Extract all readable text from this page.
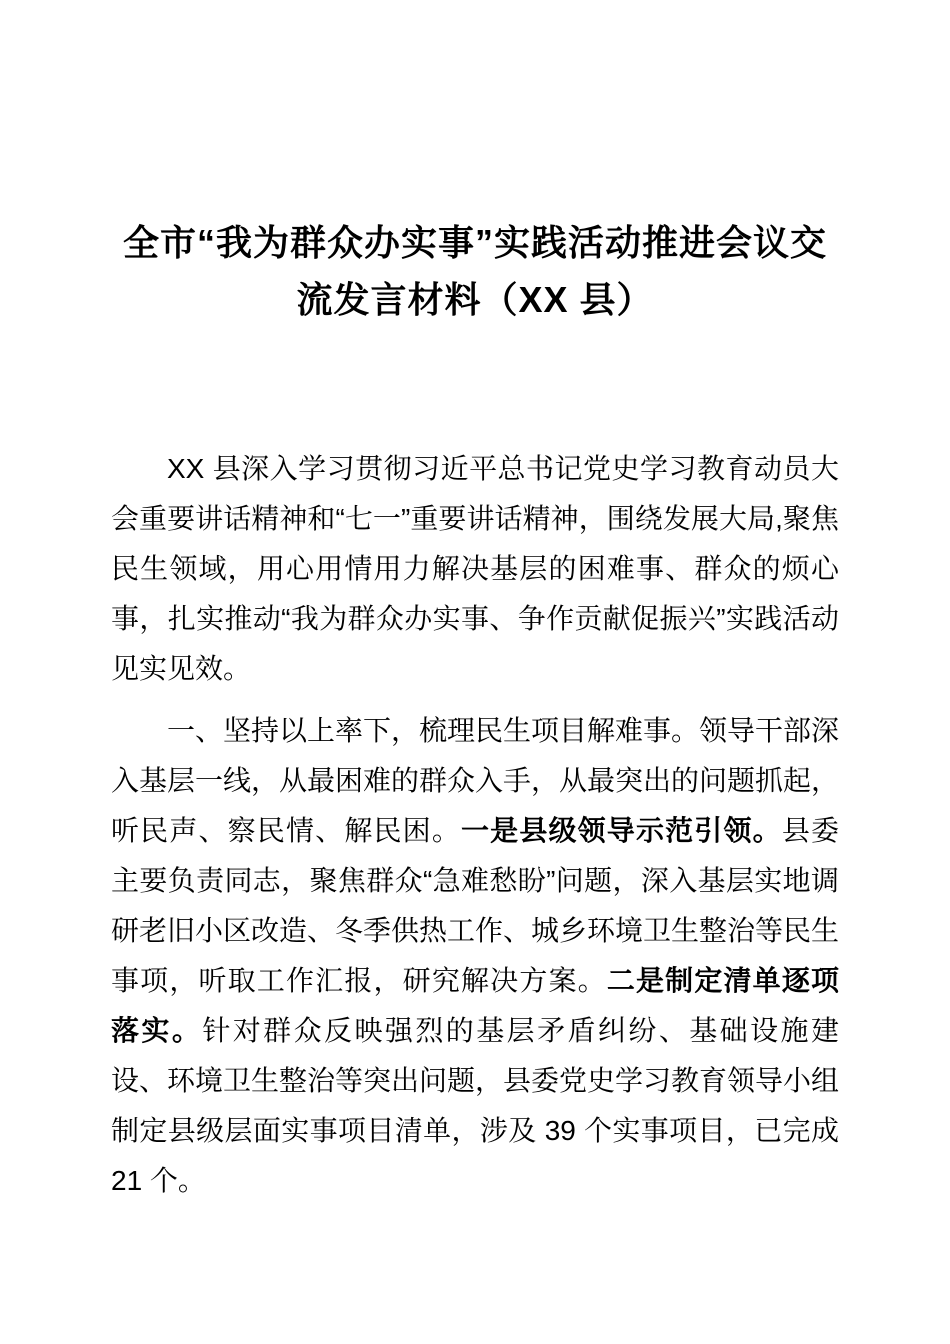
全市“我为群众办实事”实践活动推进会议交流发言材料（XX 县）

XX 县深入学习贯彻习近平总书记党史学习教育动员大会重要讲话精神和“七一”重要讲话精神，围绕发展大局,聚焦民生领域，用心用情用力解决基层的困难事、群众的烦心事，扎实推动“我为群众办实事、争作贡献促振兴”实践活动见实见效。

一、坚持以上率下，梳理民生项目解难事。领导干部深入基层一线，从最困难的群众入手，从最突出的问题抓起，听民声、察民情、解民困。一是县级领导示范引领。县委主要负责同志，聚焦群众“急难愁盼”问题，深入基层实地调研老旧小区改造、冬季供热工作、城乡环境卫生整治等民生事项，听取工作汇报，研究解决方案。二是制定清单逐项落实。针对群众反映强烈的基层矛盾纠纷、基础设施建设、环境卫生整治等突出问题，县委党史学习教育领导小组制定县级层面实事项目清单，涉及 39 个实事项目，已完成 21 个。
